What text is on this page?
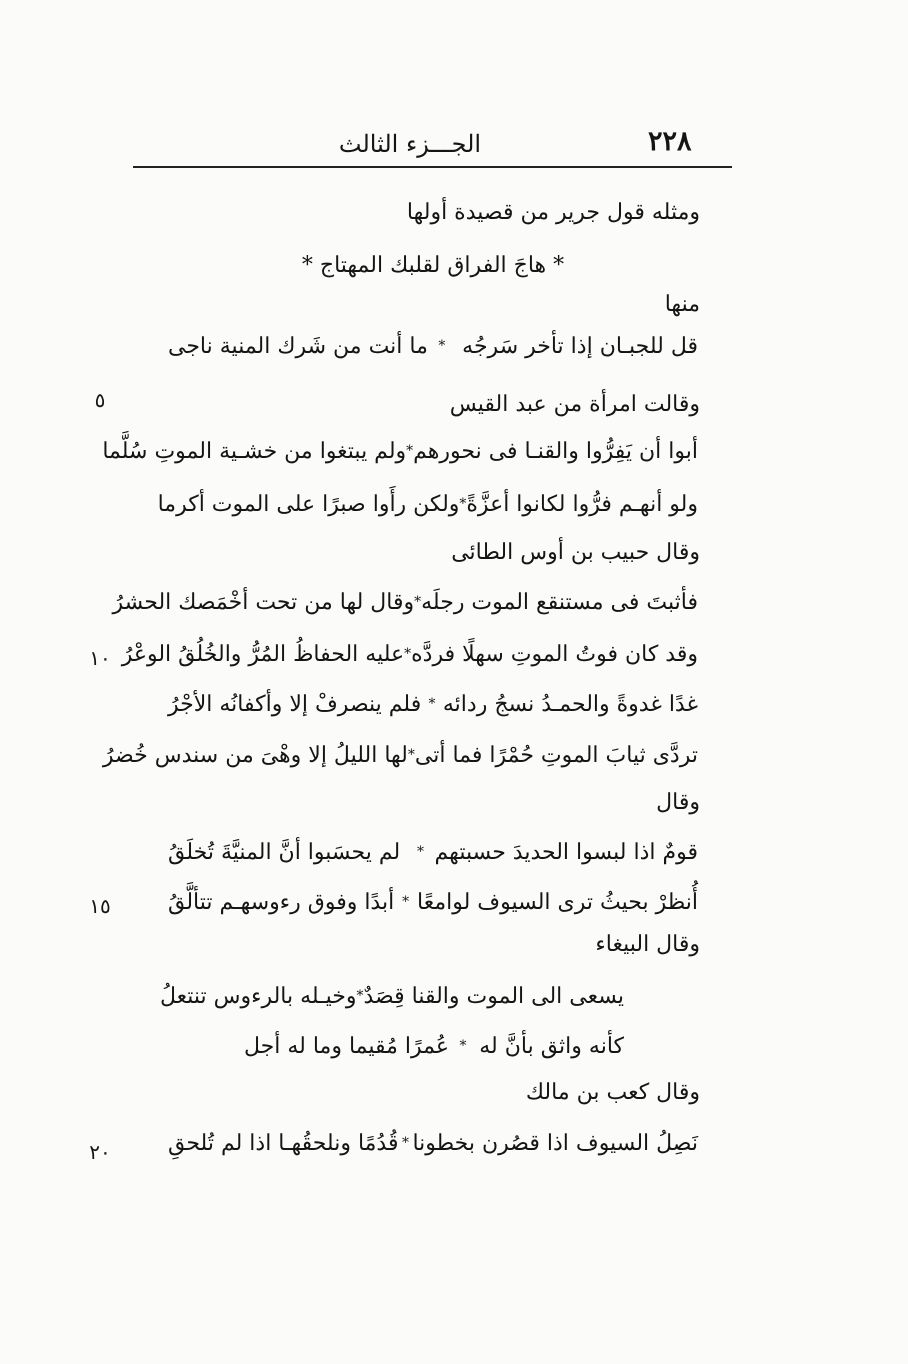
٢٢٨
الجـــزء الثالث
ومثله قول جرير من قصيدة أولها
* هاجَ الفراق لقلبك المهتاج *
منها
قل للجبـان إذا تأخر سَرجُه
*
ما أنت من شَرك المنية ناجى
وقالت امرأة من عبد القيس
أبوا أن يَفِرُّوا والقنـا فى نحورهم
*
ولم يبتغوا من خشـية الموتِ سُلَّما
ولو أنهـم فرُّوا لكانوا أعزَّةً
*
ولكن رأَوا صبرًا على الموت أكرما
وقال حبيب بن أوس الطائى
فأثبتَ فى مستنقع الموت رجلَه
*
وقال لها من تحت أخْمَصك الحشرُ
وقد كان فوتُ الموتِ سهلًا فردَّه
*
عليه الحفاظُ المُرُّ والخُلُقُ الوعْرُ
غدًا غدوةً والحمـدُ نسجُ ردائه
*
فلم ينصرفْ إلا وأكفانُه الأجْرُ
تردَّى ثيابَ الموتِ حُمْرًا فما أتى
*
لها الليلُ إلا وهْىَ من سندس خُضرُ
وقال
قومٌ اذا لبسوا الحديدَ حسبتهم
*
لم يحسَبوا أنَّ المنيَّةَ تُخلَقُ
أُنظرْ بحيثُ ترى السيوف لوامعًا
*
أبدًا وفوق رءوسهـم تتألَّقُ
وقال البيغاء
يسعى الى الموت والقنا قِصَدٌ
*
وخيـله بالرءوس تنتعلُ
كأنه واثق بأنَّ له
*
عُمرًا مُقيما وما له أجل
وقال كعب بن مالك
نَصِلُ السيوف اذا قصُرن بخطونا
*
قُدُمًا ونلحقُهـا اذا لم تُلحقِ
٥
١٠
١٥
٢٠
